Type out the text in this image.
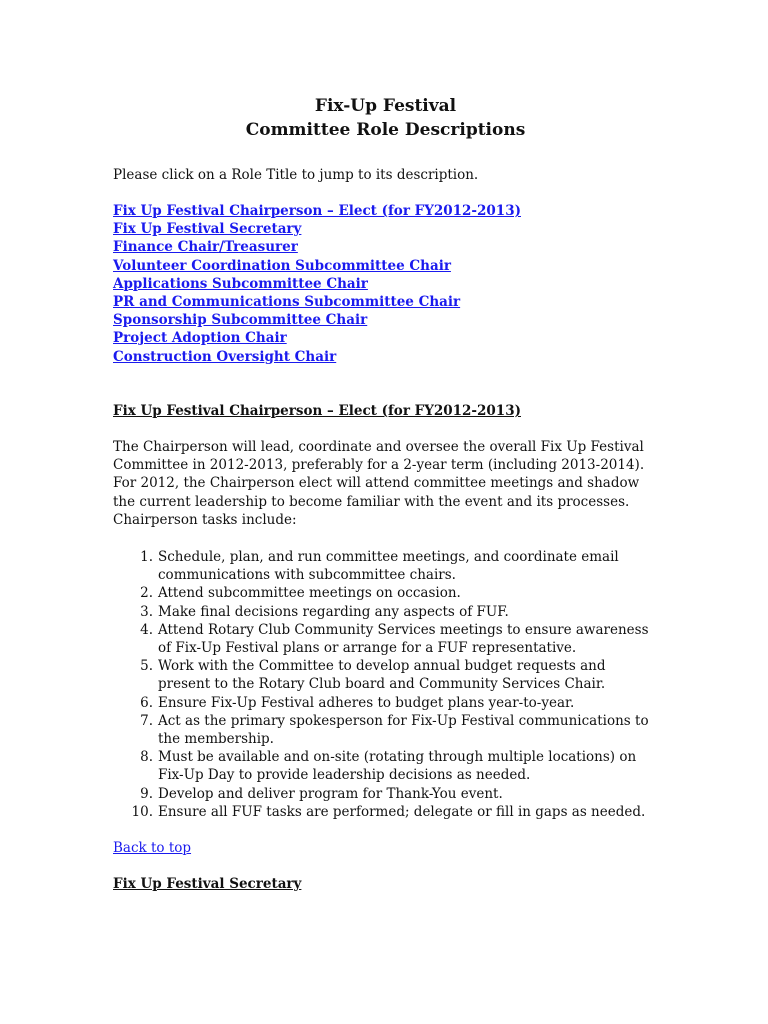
Fix-Up Festival

Committee Role Descriptions

Please click on a Role Title to jump to its description.

Fix Up Festival Chairperson – Elect (for FY2012-2013)
Fix Up Festival Secretary
Finance Chair/Treasurer
Volunteer Coordination Subcommittee Chair
Applications Subcommittee Chair
PR and Communications Subcommittee Chair
Sponsorship Subcommittee Chair
Project Adoption Chair
Construction Oversight Chair

Fix Up Festival Chairperson – Elect (for FY2012-2013)

The Chairperson will lead, coordinate and oversee the overall Fix Up Festival Committee in 2012-2013, preferably for a 2-year term (including 2013-2014). For 2012, the Chairperson elect will attend committee meetings and shadow the current leadership to become familiar with the event and its processes. Chairperson tasks include:

1. Schedule, plan, and run committee meetings, and coordinate email communications with subcommittee chairs.
2. Attend subcommittee meetings on occasion.
3. Make final decisions regarding any aspects of FUF.
4. Attend Rotary Club Community Services meetings to ensure awareness of Fix-Up Festival plans or arrange for a FUF representative.
5. Work with the Committee to develop annual budget requests and present to the Rotary Club board and Community Services Chair.
6. Ensure Fix-Up Festival adheres to budget plans year-to-year.
7. Act as the primary spokesperson for Fix-Up Festival communications to the membership.
8. Must be available and on-site (rotating through multiple locations) on Fix-Up Day to provide leadership decisions as needed.
9. Develop and deliver program for Thank-You event.
10. Ensure all FUF tasks are performed; delegate or fill in gaps as needed.

Back to top

Fix Up Festival Secretary
